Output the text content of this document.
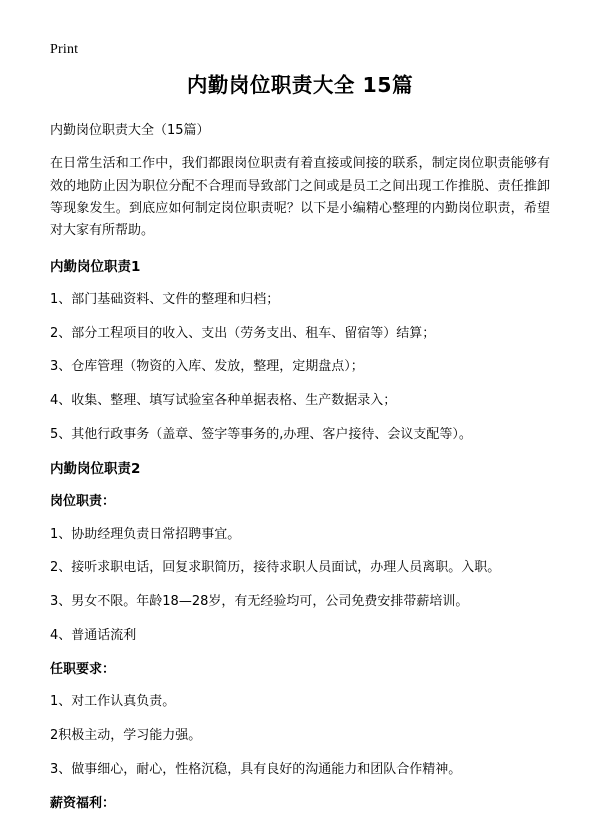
Print
内勤岗位职责大全 15篇
内勤岗位职责大全（15篇）
在日常生活和工作中，我们都跟岗位职责有着直接或间接的联系，制定岗位职责能够有效的地防止因为职位分配不合理而导致部门之间或是员工之间出现工作推脱、责任推卸等现象发生。到底应如何制定岗位职责呢？以下是小编精心整理的内勤岗位职责，希望对大家有所帮助。
内勤岗位职责1
1、部门基础资料、文件的整理和归档；
2、部分工程项目的收入、支出（劳务支出、租车、留宿等）结算；
3、仓库管理（物资的入库、发放，整理，定期盘点）；
4、收集、整理、填写试验室各种单据表格、生产数据录入；
5、其他行政事务（盖章、签字等事务的,办理、客户接待、会议支配等）。
内勤岗位职责2
岗位职责：
1、协助经理负责日常招聘事宜。
2、接听求职电话，回复求职简历，接待求职人员面试，办理人员离职。入职。
3、男女不限。年龄18—28岁，有无经验均可，公司免费安排带薪培训。
4、普通话流利
任职要求：
1、对工作认真负责。
2积极主动，学习能力强。
3、做事细心，耐心，性格沉稳，具有良好的沟通能力和团队合作精神。
薪资福利：
